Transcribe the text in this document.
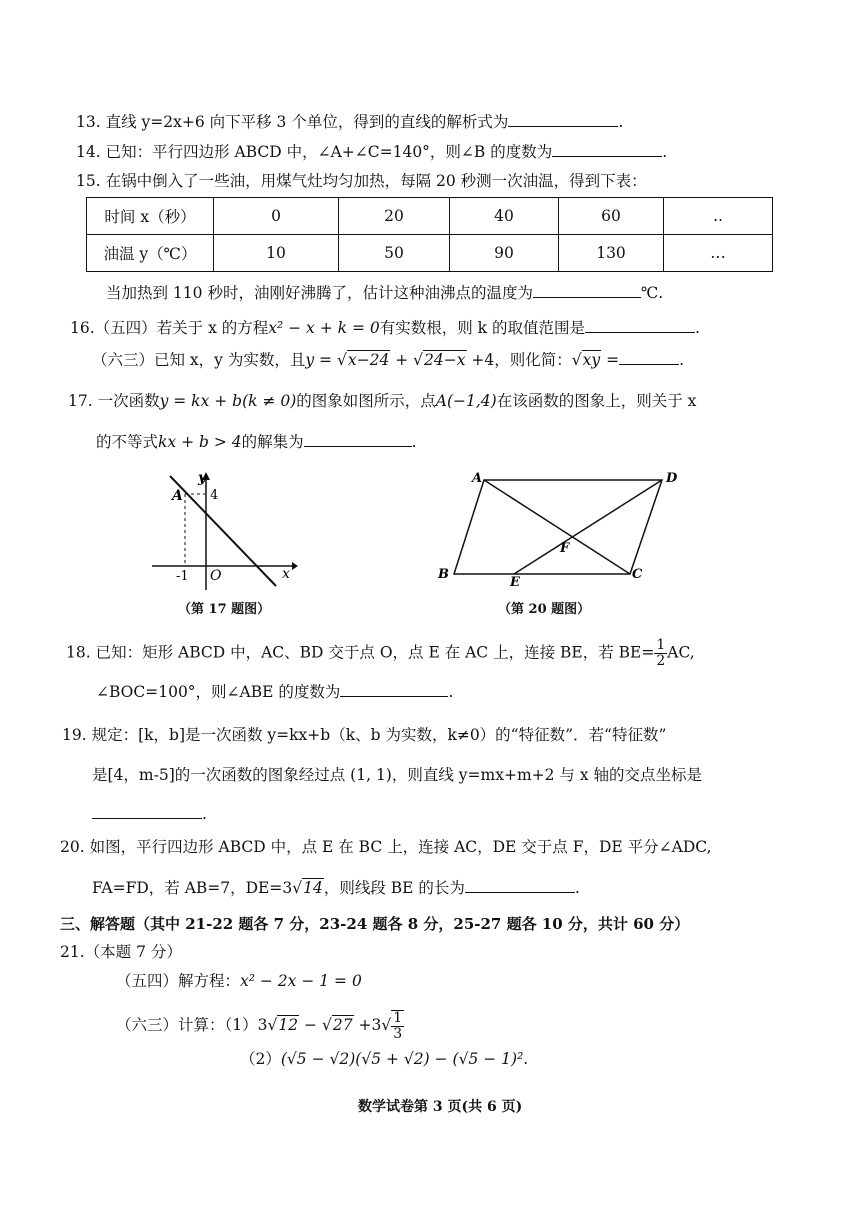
13. 直线 y=2x+6 向下平移 3 个单位，得到的直线的解析式为	.
14. 已知：平行四边形 ABCD 中，∠A+∠C=140°，则∠B 的度数为	.
15. 在锅中倒入了一些油，用煤气灶均匀加热，每隔 20 秒测一次油温，得到下表：
时间 x（秒）	0	20	40	60	..
油温 y（℃）	10	50	90	130	…
当加热到 110 秒时，油刚好沸腾了，估计这种油沸点的温度为	℃.
16.（五四）若关于 x 的方程x² − x + k = 0有实数根，则 k 的取值范围是	.
（六三）已知 x，y 为实数，且y = √x−24 + √24−x +4，则化简：√xy =	.
17. 一次函数y = kx + b(k ≠ 0)的图象如图所示，点A(−1,4)在该函数的图象上，则关于 x
的不等式kx + b > 4的解集为	.
y
x
O
A 4
-1
（第 17 题图）
A	D
B	C
E
F
（第 20 题图）
18. 已知：矩形 ABCD 中，AC、BD 交于点 O，点 E 在 AC 上，连接 BE，若 $BE= \frac{1}{2}$ AC,
∠BOC=100°，则∠ABE 的度数为	.
19. 规定：[k，b]是一次函数 y=kx+b（k、b 为实数，k≠0）的“特征数”．若“特征数”
是[4，m-5]的一次函数的图象经过点 (1, 1)，则直线 y=mx+m+2 与 x 轴的交点坐标是
.
20. 如图，平行四边形 ABCD 中，点 E 在 BC 上，连接 AC，DE 交于点 F，DE 平分∠ADC,
FA=FD，若 AB=7，DE=3√14，则线段 BE 的长为	.
三、解答题（其中 21-22 题各 7 分，23-24 题各 8 分，25-27 题各 10 分，共计 60 分）
21.（本题 7 分）
（五四）解方程：x² − 2x − 1 = 0
（六三）计算：$(1)3√12 - √27 +3√ \frac{1}{3}$
（2）(√5 − √2)(√5 + √2) − (√5 − 1)².
数学试卷第 3 页(共 6 页)
